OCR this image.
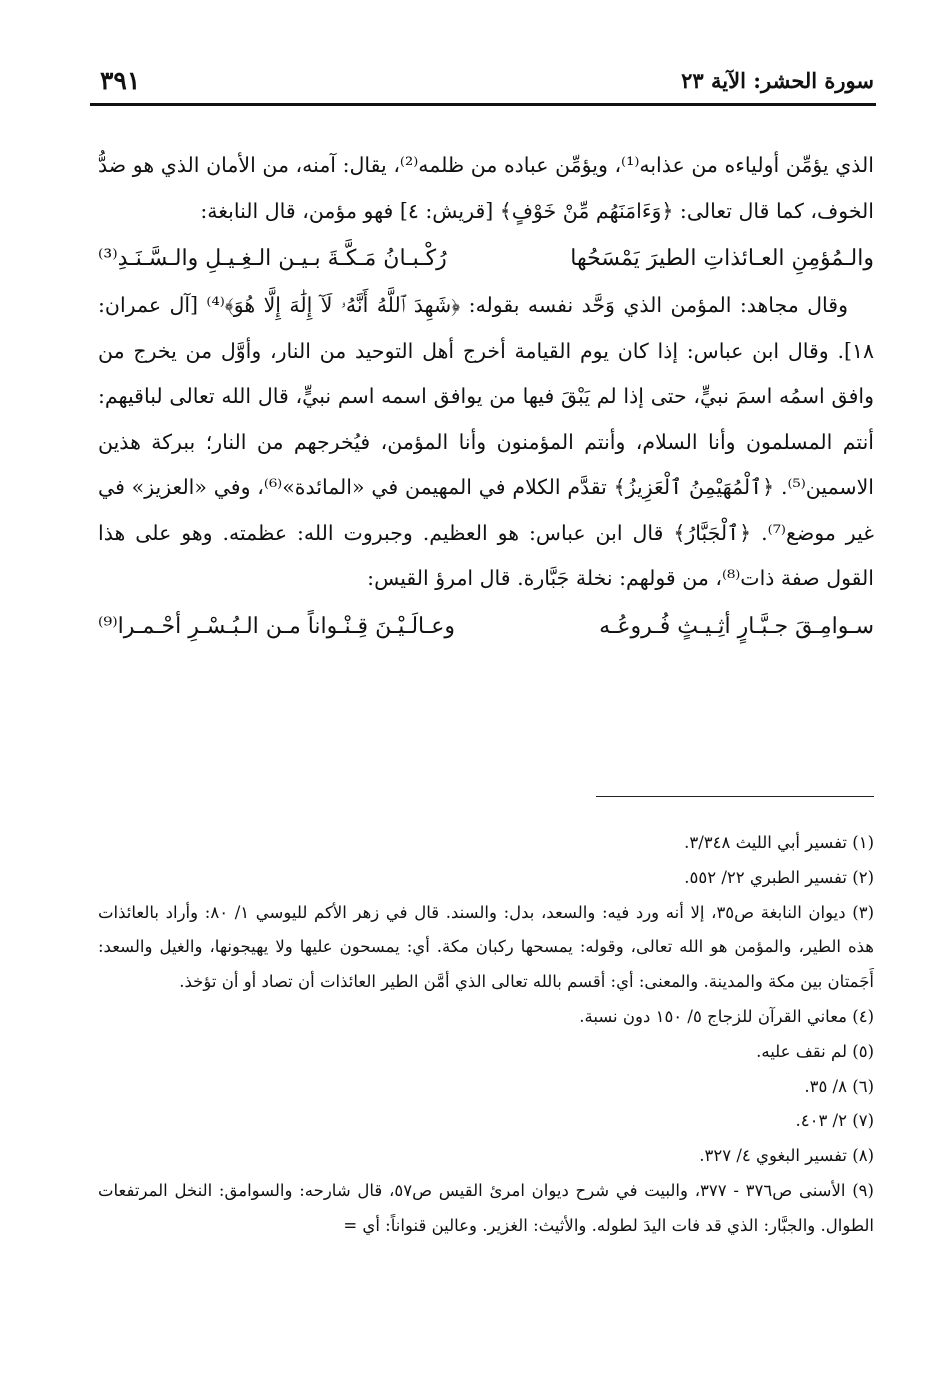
سورة الحشر: الآية ٢٣
٣٩١

الذي يؤمِّن أولياءه من عذابه⁽¹⁾، ويؤمِّن عباده من ظلمه⁽²⁾، يقال: آمنه، من الأمان الذي هو ضدُّ الخوف، كما قال تعالى: ﴿وَءَامَنَهُم مِّنْ خَوْفٍ﴾ [قريش: ٤] فهو مؤمن، قال النابغة:

والـمُؤمِنِ العـائذاتِ الطيرَ يَمْسَحُها
رُكْـبـانُ مَـكَّـةَ بـيـن الـغِـيـلِ والـسَّـنَـدِ⁽³⁾

وقال مجاهد: المؤمن الذي وَحَّد نفسه بقوله: ﴿شَهِدَ ٱللَّهُ أَنَّهُۥ لَآ إِلَٰهَ إِلَّا هُوَ﴾⁽⁴⁾ [آل عمران: ١٨]. وقال ابن عباس: إذا كان يوم القيامة أخرج أهل التوحيد من النار، وأوَّل من يخرج من وافق اسمُه اسمَ نبيٍّ، حتى إذا لم يَبْقَ فيها من يوافق اسمه اسم نبيٍّ، قال الله تعالى لباقيهم: أنتم المسلمون وأنا السلام، وأنتم المؤمنون وأنا المؤمن، فيُخرجهم من النار؛ ببركة هذين الاسمين⁽⁵⁾. ﴿ٱلْمُهَيْمِنُ ٱلْعَزِيزُ﴾ تقدَّم الكلام في المهيمن في «المائدة»⁽⁶⁾، وفي «العزيز» في غير موضع⁽⁷⁾. ﴿ٱلْجَبَّارُ﴾ قال ابن عباس: هو العظيم. وجبروت الله: عظمته. وهو على هذا القول صفة ذات⁽⁸⁾، من قولهم: نخلة جَبَّارة. قال امرؤ القيس:

سـوامِـقَ جـبَّـارٍ أثِـيـثٍ فُـروعُـه
وعـالَـيْـنَ قِـنْـواناً مـن الـبُـسْـرِ أحْـمـرا⁽⁹⁾

(١) تفسير أبي الليث ٣/٣٤٨.

(٢) تفسير الطبري ٢٢/ ٥٥٢.

(٣) ديوان النابغة ص٣٥، إلا أنه ورد فيه: والسعد، بدل: والسند. قال في زهر الأكم لليوسي ١/ ٨٠: وأراد بالعائذات هذه الطير، والمؤمن هو الله تعالى، وقوله: يمسحها ركبان مكة. أي: يمسحون عليها ولا يهيجونها، والغيل والسعد: أَجَمتان بين مكة والمدينة. والمعنى: أي: أقسم بالله تعالى الذي أمَّن الطير العائذات أن تصاد أو أن تؤخذ.

(٤) معاني القرآن للزجاج ٥/ ١٥٠ دون نسبة.

(٥) لم نقف عليه.

(٦) ٨/ ٣٥.

(٧) ٢/ ٤٠٣.

(٨) تفسير البغوي ٤/ ٣٢٧.

(٩) الأسنى ص٣٧٦ - ٣٧٧، والبيت في شرح ديوان امرئ القيس ص٥٧، قال شارحه: والسوامق: النخل المرتفعات الطوال. والجبَّار: الذي قد فات اليدَ لطوله. والأثيث: الغزير. وعالين قنواناً: أي =
